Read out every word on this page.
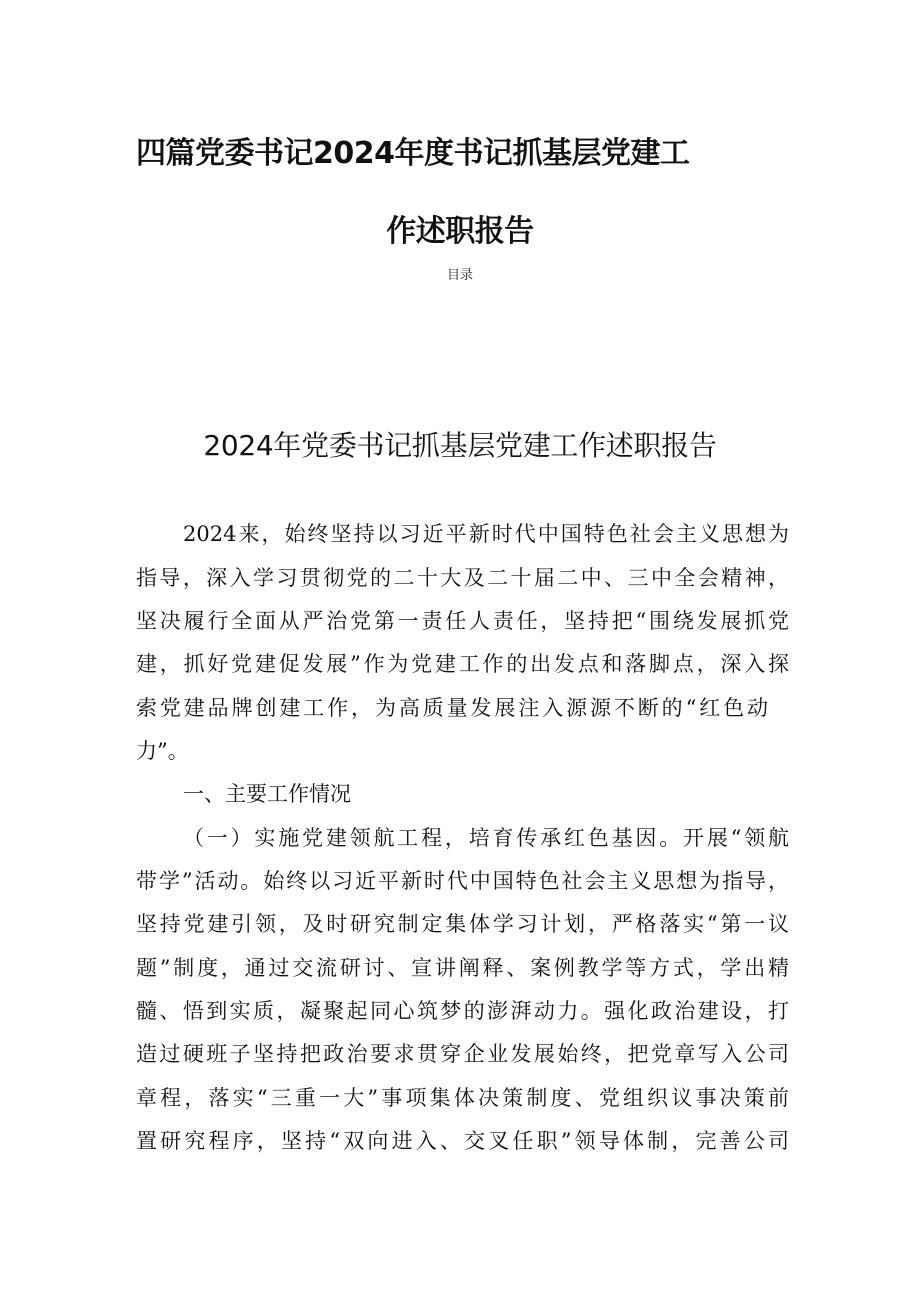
四篇党委书记2024年度书记抓基层党建工
作述职报告
目录
2024年党委书记抓基层党建工作述职报告

2024来，始终坚持以习近平新时代中国特色社会主义思想为

指导，深入学习贯彻党的二十大及二十届二中、三中全会精神，

坚决履行全面从严治党第一责任人责任，坚持把“围绕发展抓党

建，抓好党建促发展”作为党建工作的出发点和落脚点，深入探

索党建品牌创建工作，为高质量发展注入源源不断的“红色动

力”。

一、主要工作情况

（一）实施党建领航工程，培育传承红色基因。开展“领航

带学”活动。始终以习近平新时代中国特色社会主义思想为指导，

坚持党建引领，及时研究制定集体学习计划，严格落实“第一议

题”制度，通过交流研讨、宣讲阐释、案例教学等方式，学出精

髓、悟到实质，凝聚起同心筑梦的澎湃动力。强化政治建设，打

造过硬班子坚持把政治要求贯穿企业发展始终，把党章写入公司

章程，落实“三重一大”事项集体决策制度、党组织议事决策前

置研究程序，坚持“双向进入、交叉任职”领导体制，完善公司
